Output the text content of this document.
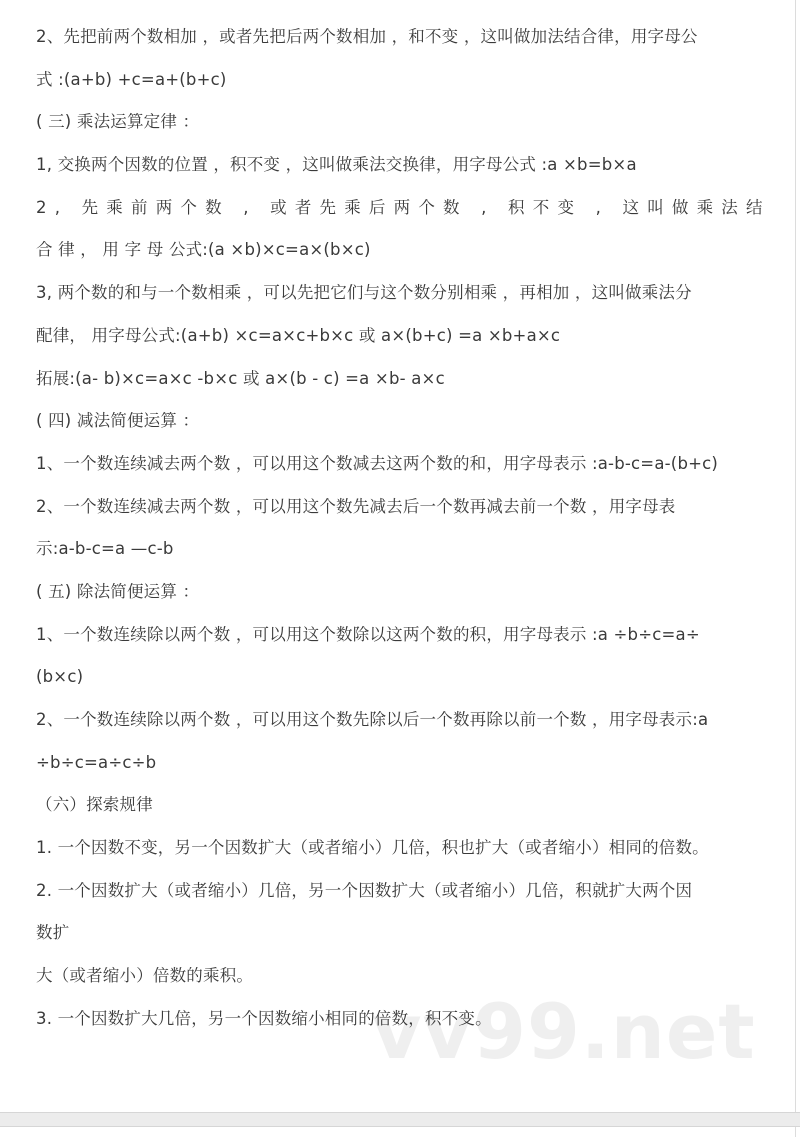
vv99.net
2、先把前两个数相加 ，或者先把后两个数相加 ，和不变 ，这叫做加法结合律，用字母公
式 :(a+b) +c=a+(b+c)
( 三) 乘法运算定律 ：
1, 交换两个因数的位置 ，积不变 ，这叫做乘法交换律，用字母公式 :a ×b=b×a
2, 先乘前两个数 , 或者先乘后两个数 , 积不变 , 这叫做乘法结
合 律 ， 用 字 母 公式:(a ×b)×c=a×(b×c)
3, 两个数的和与一个数相乘 ，可以先把它们与这个数分别相乘 ，再相加 ，这叫做乘法分
配律， 用字母公式:(a+b) ×c=a×c+b×c 或 a×(b+c) =a ×b+a×c
拓展:(a- b)×c=a×c -b×c 或 a×(b - c) =a ×b- a×c
( 四) 减法简便运算 ：
1、一个数连续减去两个数 ，可以用这个数减去这两个数的和，用字母表示 :a-b-c=a-(b+c)
2、一个数连续减去两个数 ，可以用这个数先减去后一个数再减去前一个数 ，用字母表
示:a-b-c=a —c-b
( 五) 除法简便运算 ：
1、一个数连续除以两个数 ，可以用这个数除以这两个数的积，用字母表示 :a ÷b÷c=a÷
(b×c)
2、一个数连续除以两个数 ，可以用这个数先除以后一个数再除以前一个数 ，用字母表示:a
÷b÷c=a÷c÷b
（六）探索规律
1. 一个因数不变，另一个因数扩大（或者缩小）几倍，积也扩大（或者缩小）相同的倍数。
2. 一个因数扩大（或者缩小）几倍，另一个因数扩大（或者缩小）几倍，积就扩大两个因
数扩
大（或者缩小）倍数的乘积。
3. 一个因数扩大几倍，另一个因数缩小相同的倍数，积不变。
